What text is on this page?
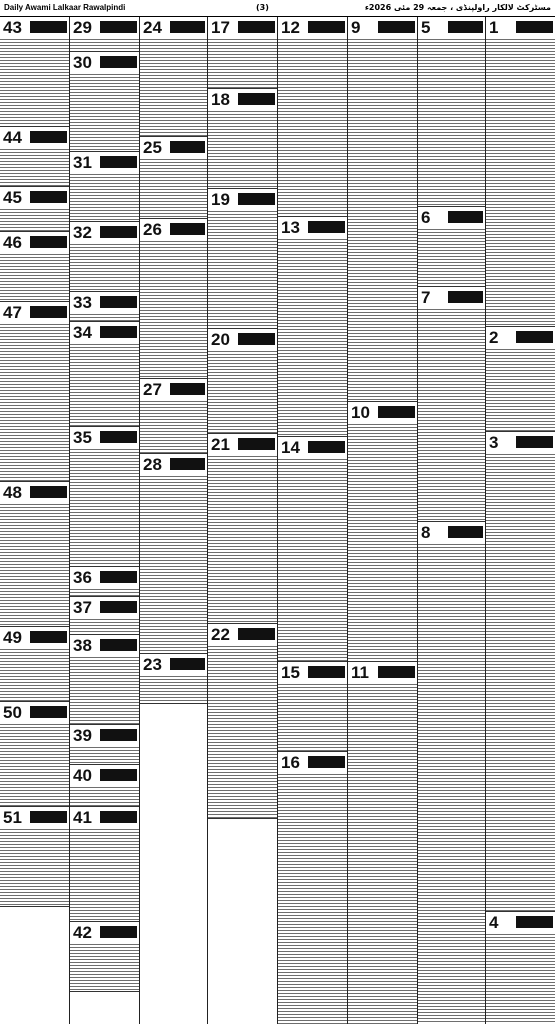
Daily Awami Lalkaar Rawalpindi	(3)	مسٹرکٹ لالکار راولپنڈی ، جمعہ 29 مئی 2026ء
43
44
45
46
47
48
49
50
51
29
30
31
32
33
34
35
36
37
38
39
40
41
42
24
25
26
27
28
23
17
18
19
20
21
22
12
13
14
15
16
9
10
11
5
6
7
8
1
2
3
4
